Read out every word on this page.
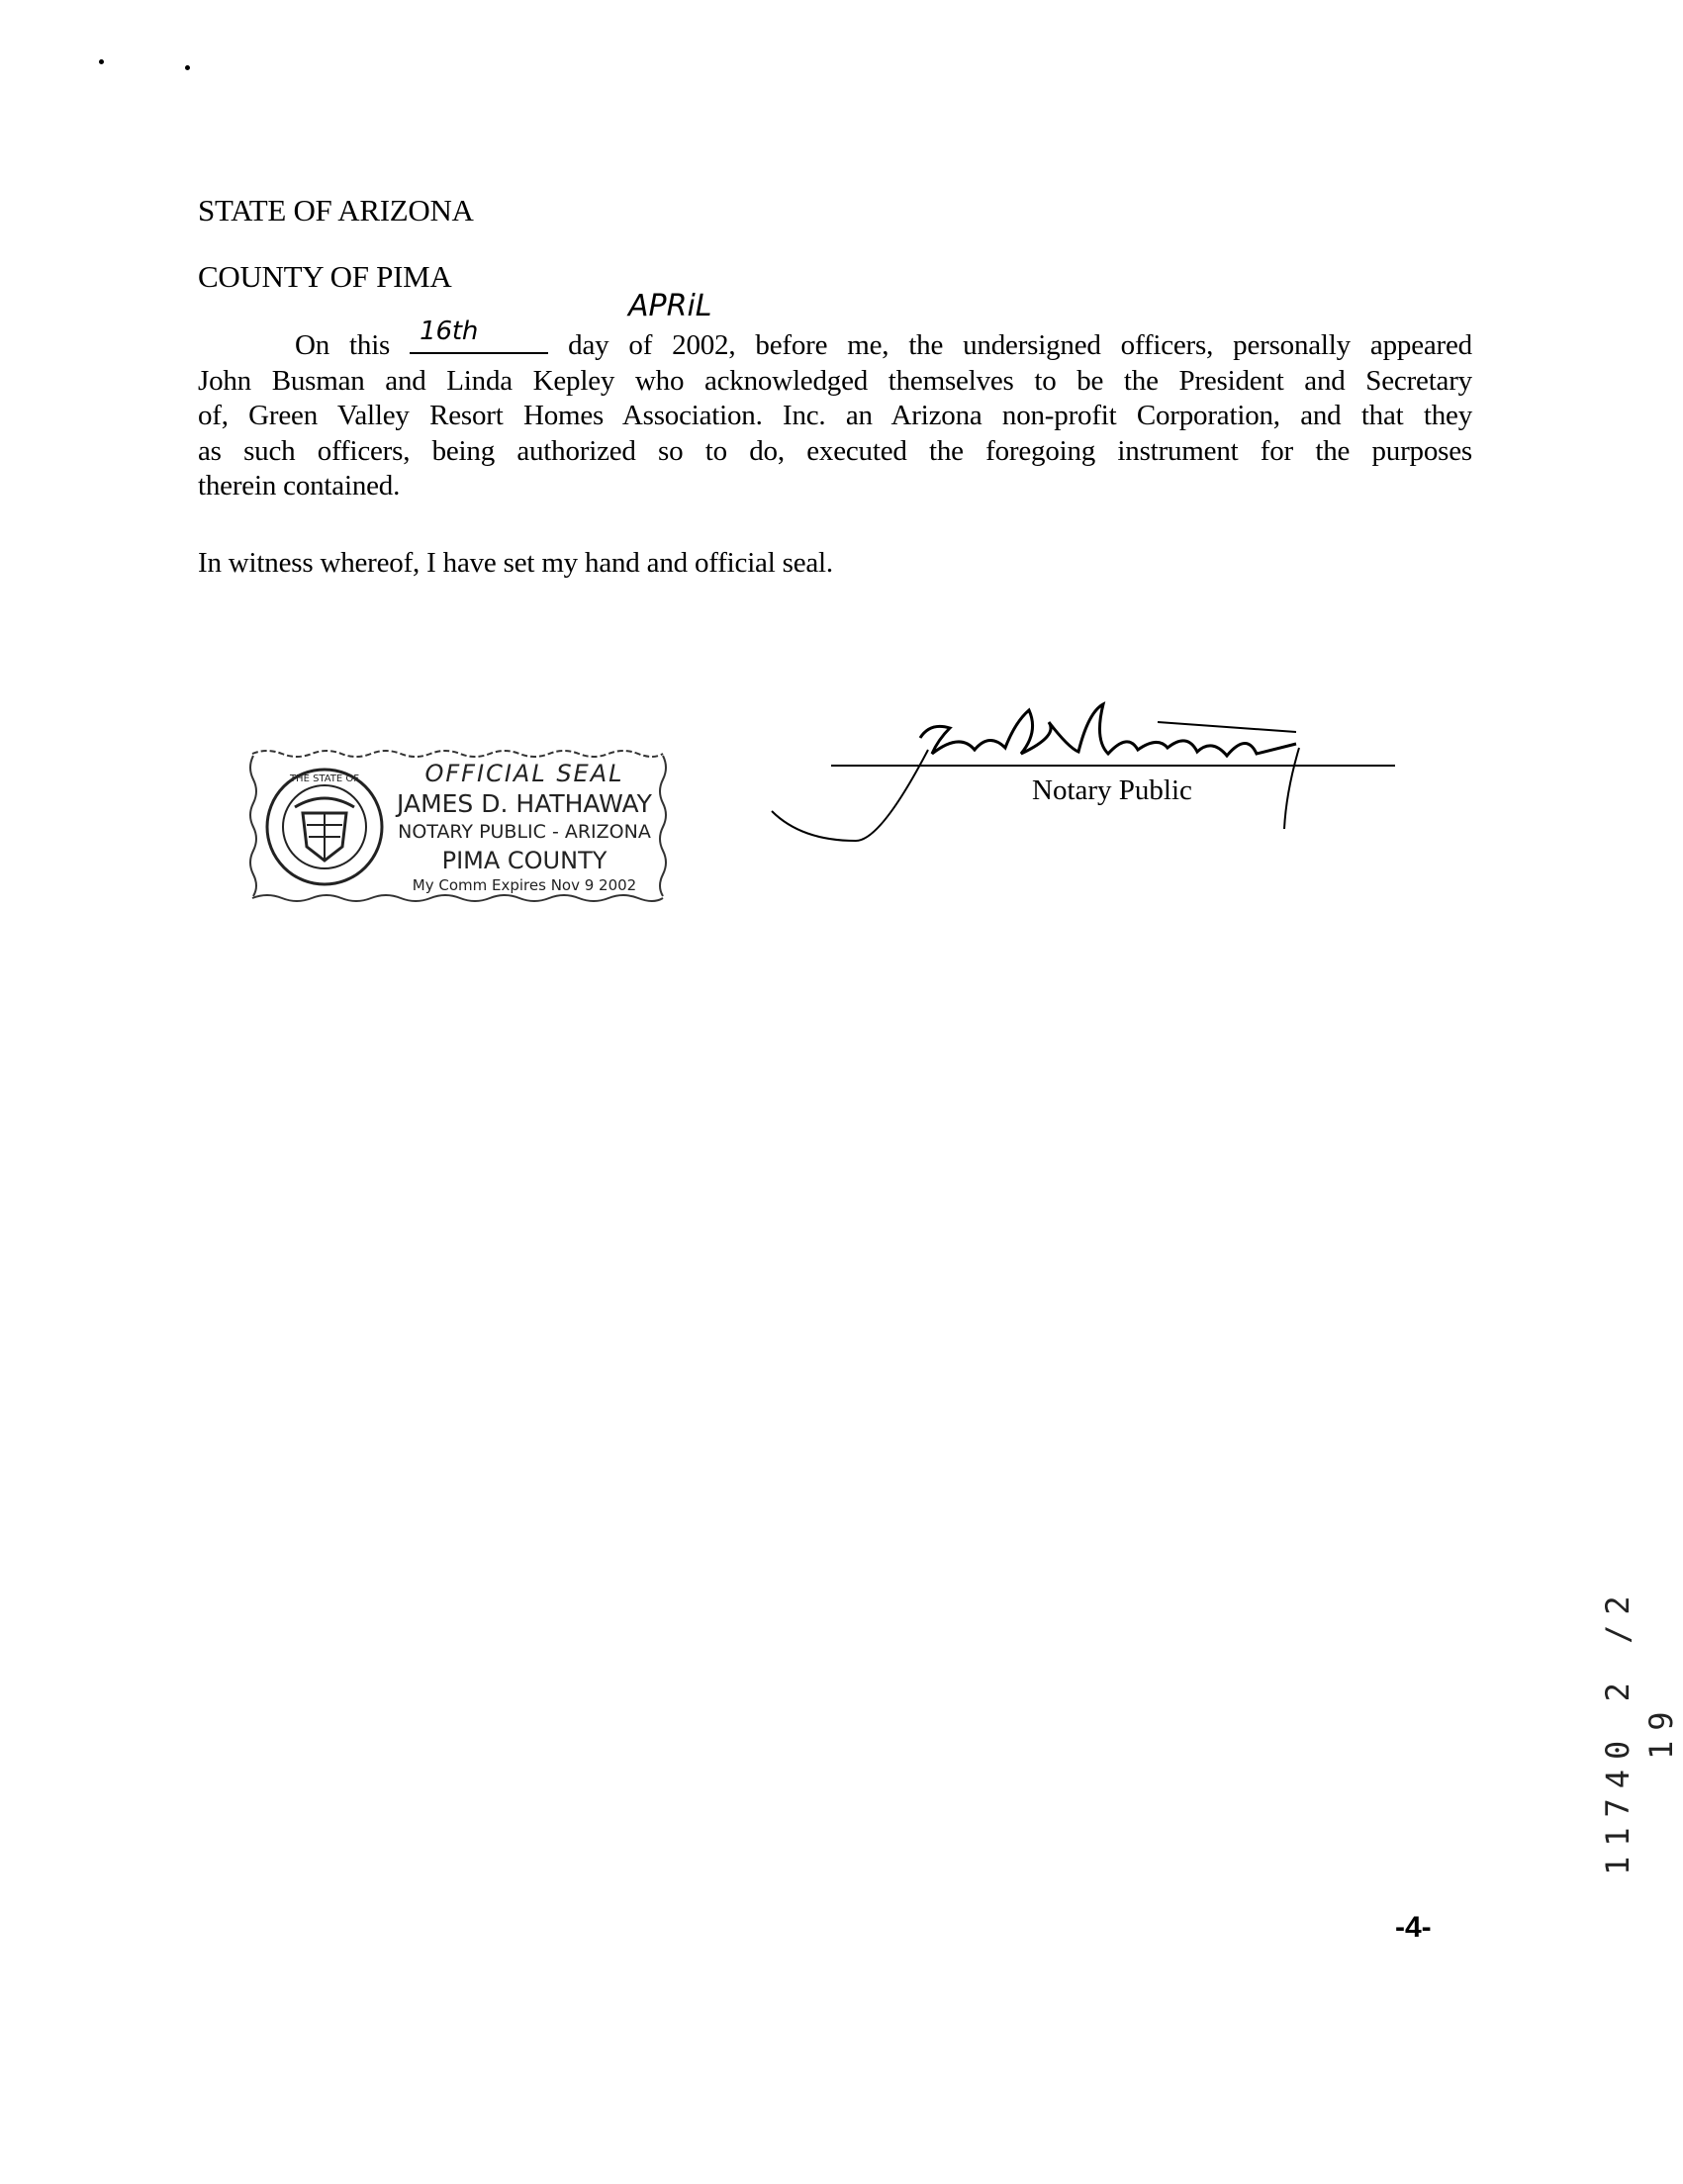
STATE OF ARIZONA
COUNTY OF PIMA
APRiL
On this 16th	day of 2002, before me, the undersigned officers, personally appeared
John Busman and Linda Kepley who acknowledged themselves to be the President and Secretary
of, Green Valley Resort Homes Association. Inc. an Arizona non-profit Corporation, and that they
as such officers, being authorized so to do, executed the foregoing instrument for the purposes
therein contained.
In witness whereof, I have set my hand and official seal.
THE STATE OF	OFFICIAL SEAL
JAMES D. HATHAWAY
NOTARY PUBLIC - ARIZONA
PIMA COUNTY
My Comm Expires Nov 9 2002
Notary Public
11740 2 /2 19
-4-
